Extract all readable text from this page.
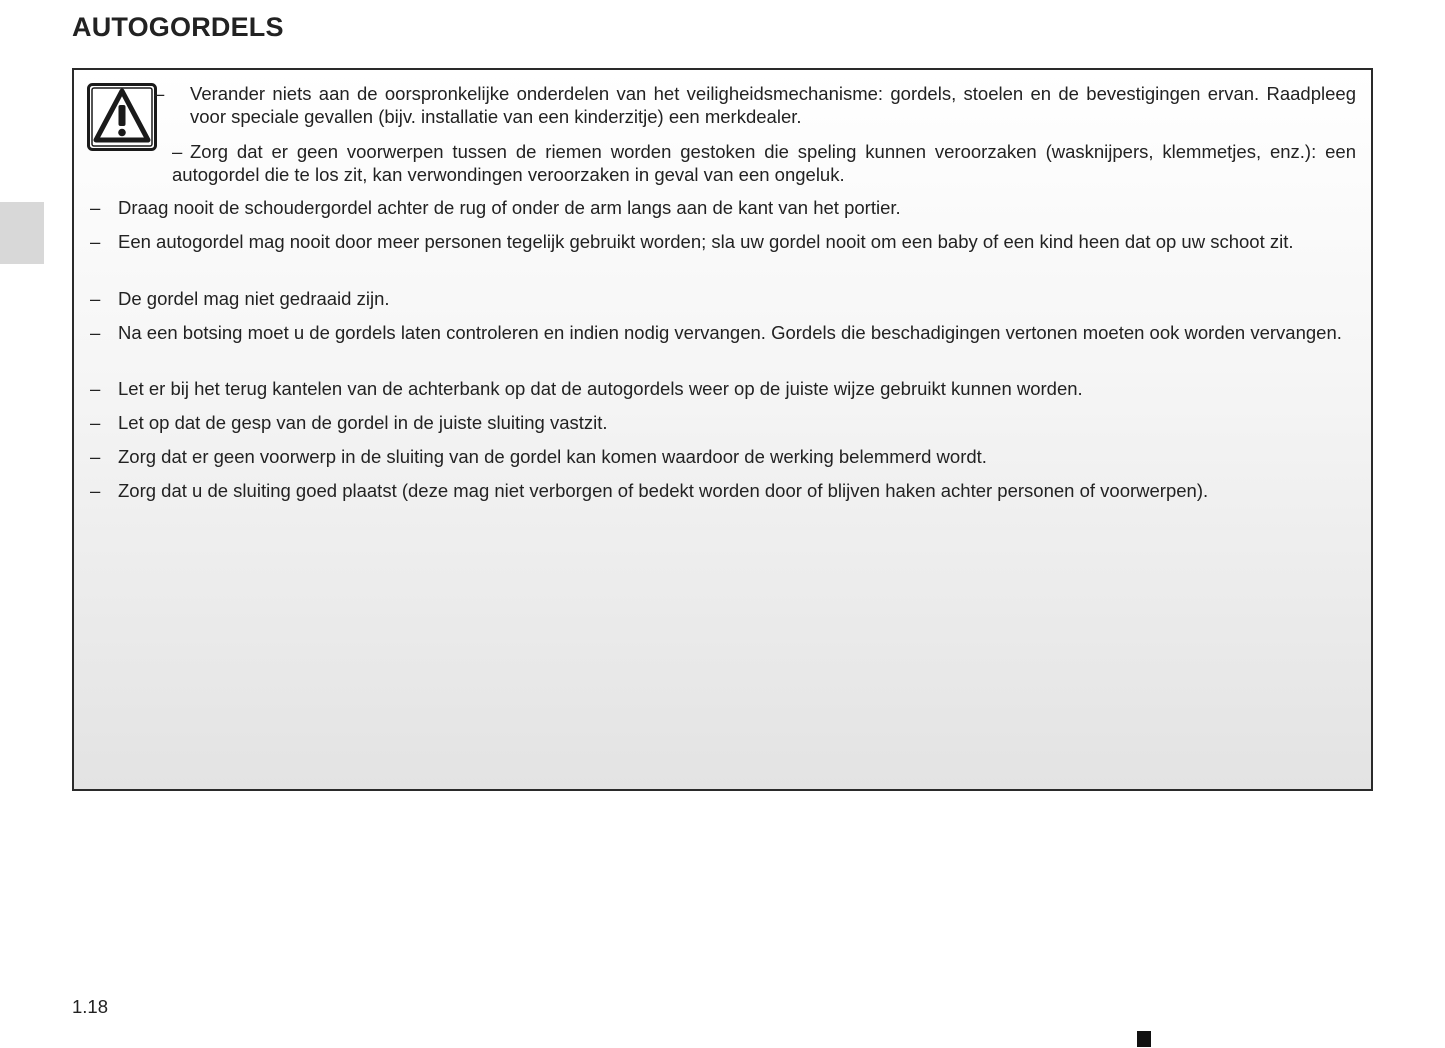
AUTOGORDELS
– Verander niets aan de oorspronkelijke onderdelen van het veiligheidsmechanisme: gordels, stoelen en de bevestigingen ervan. Raadpleeg voor speciale gevallen (bijv. installatie van een kinderzitje) een merkdealer.
– Zorg dat er geen voorwerpen tussen de riemen worden gestoken die speling kunnen veroorzaken (wasknijpers, klemmetjes, enz.): een autogordel die te los zit, kan verwondingen veroorzaken in geval van een ongeluk.
– Draag nooit de schoudergordel achter de rug of onder de arm langs aan de kant van het portier.
– Een autogordel mag nooit door meer personen tegelijk gebruikt worden; sla uw gordel nooit om een baby of een kind heen dat op uw schoot zit.
– De gordel mag niet gedraaid zijn.
– Na een botsing moet u de gordels laten controleren en indien nodig vervangen. Gordels die beschadigingen vertonen moeten ook worden vervangen.
– Let er bij het terug kantelen van de achterbank op dat de autogordels weer op de juiste wijze gebruikt kunnen worden.
– Let op dat de gesp van de gordel in de juiste sluiting vastzit.
– Zorg dat er geen voorwerp in de sluiting van de gordel kan komen waardoor de werking belemmerd wordt.
– Zorg dat u de sluiting goed plaatst (deze mag niet verborgen of bedekt worden door of blijven haken achter personen of voorwerpen).
1.18
